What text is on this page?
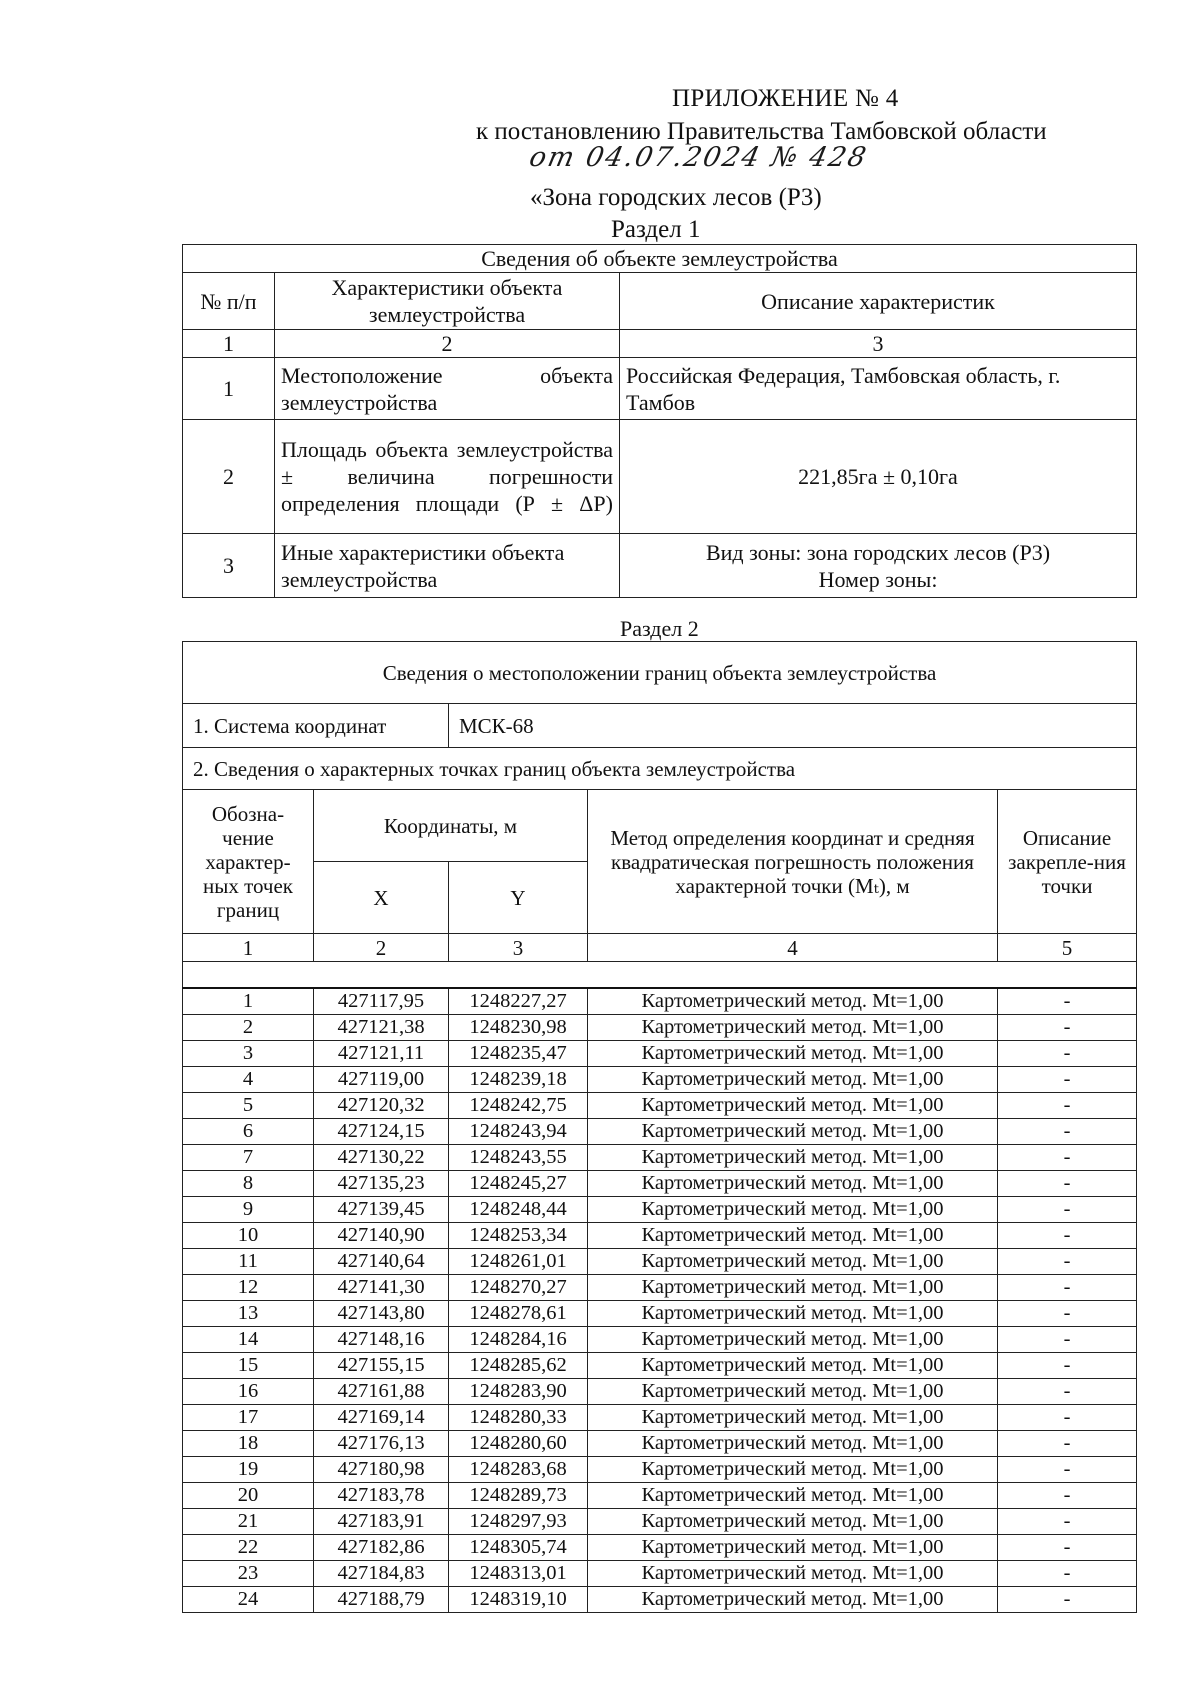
ПРИЛОЖЕНИЕ № 4
к постановлению Правительства Тамбовской области
от 04.07.2024 № 428
«Зона городских лесов (Р3)
Раздел 1
Сведения об объекте землеустройства		
№ п/п	Характеристики объекта землеустройства	Описание характеристик
1	2	3
1	Местоположение объекта землеустройства	Российская Федерация, Тамбовская область, г. Тамбов
2	Площадь объекта землеустройства ± величина погрешности определения площади (Р ± ΔР)	221,85га ± 0,10га
3	Иные характеристики объекта землеустройства	Вид зоны: зона городских лесов (Р3)
Номер зоны:
Раздел 2
Сведения о местоположении границ объекта землеустройства				
1. Система координат		МСК-68		
2. Сведения о характерных точках границ объекта землеустройства				
Обозна-чение характер-ных точек границ	Координаты, м		Метод определения координат и средняя квадратическая погрешность положения характерной точки (Мₜ), м	Описание закрепле-ния точки
	X	Y		
1	2	3	4	5

1	427117,95	1248227,27	Картометрический метод. Mt=1,00	-
2	427121,38	1248230,98	Картометрический метод. Mt=1,00	-
3	427121,11	1248235,47	Картометрический метод. Mt=1,00	-
4	427119,00	1248239,18	Картометрический метод. Mt=1,00	-
5	427120,32	1248242,75	Картометрический метод. Mt=1,00	-
6	427124,15	1248243,94	Картометрический метод. Mt=1,00	-
7	427130,22	1248243,55	Картометрический метод. Mt=1,00	-
8	427135,23	1248245,27	Картометрический метод. Mt=1,00	-
9	427139,45	1248248,44	Картометрический метод. Mt=1,00	-
10	427140,90	1248253,34	Картометрический метод. Mt=1,00	-
11	427140,64	1248261,01	Картометрический метод. Mt=1,00	-
12	427141,30	1248270,27	Картометрический метод. Mt=1,00	-
13	427143,80	1248278,61	Картометрический метод. Mt=1,00	-
14	427148,16	1248284,16	Картометрический метод. Mt=1,00	-
15	427155,15	1248285,62	Картометрический метод. Mt=1,00	-
16	427161,88	1248283,90	Картометрический метод. Mt=1,00	-
17	427169,14	1248280,33	Картометрический метод. Mt=1,00	-
18	427176,13	1248280,60	Картометрический метод. Mt=1,00	-
19	427180,98	1248283,68	Картометрический метод. Mt=1,00	-
20	427183,78	1248289,73	Картометрический метод. Mt=1,00	-
21	427183,91	1248297,93	Картометрический метод. Mt=1,00	-
22	427182,86	1248305,74	Картометрический метод. Mt=1,00	-
23	427184,83	1248313,01	Картометрический метод. Mt=1,00	-
24	427188,79	1248319,10	Картометрический метод. Mt=1,00	-
